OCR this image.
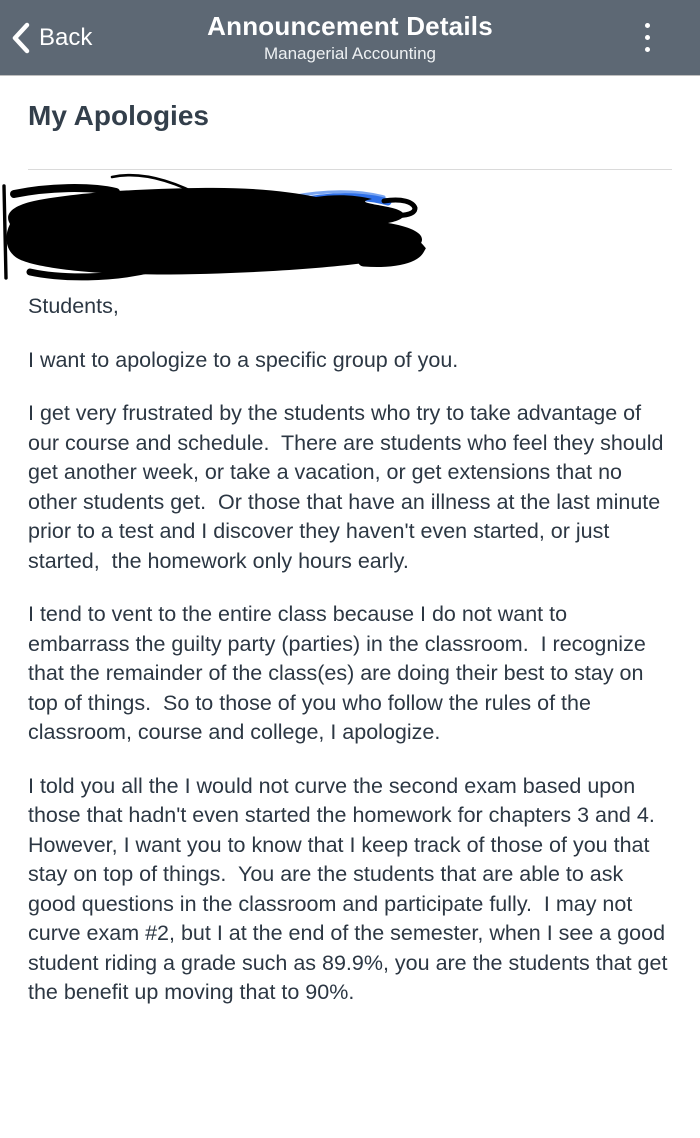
Back	Announcement Details
Managerial Accounting
My Apologies

Students,

I want to apologize to a specific group of you.

I get very frustrated by the students who try to take advantage of our course and schedule.  There are students who feel they should get another week, or take a vacation, or get extensions that no other students get.  Or those that have an illness at the last minute prior to a test and I discover they haven't even started, or just started,  the homework only hours early.

I tend to vent to the entire class because I do not want to embarrass the guilty party (parties) in the classroom.  I recognize that the remainder of the class(es) are doing their best to stay on top of things.  So to those of you who follow the rules of the classroom, course and college, I apologize.

I told you all the I would not curve the second exam based upon those that hadn't even started the homework for chapters 3 and 4.  However, I want you to know that I keep track of those of you that stay on top of things.  You are the students that are able to ask good questions in the classroom and participate fully.  I may not curve exam #2, but I at the end of the semester, when I see a good student riding a grade such as 89.9%, you are the students that get the benefit up moving that to 90%.
